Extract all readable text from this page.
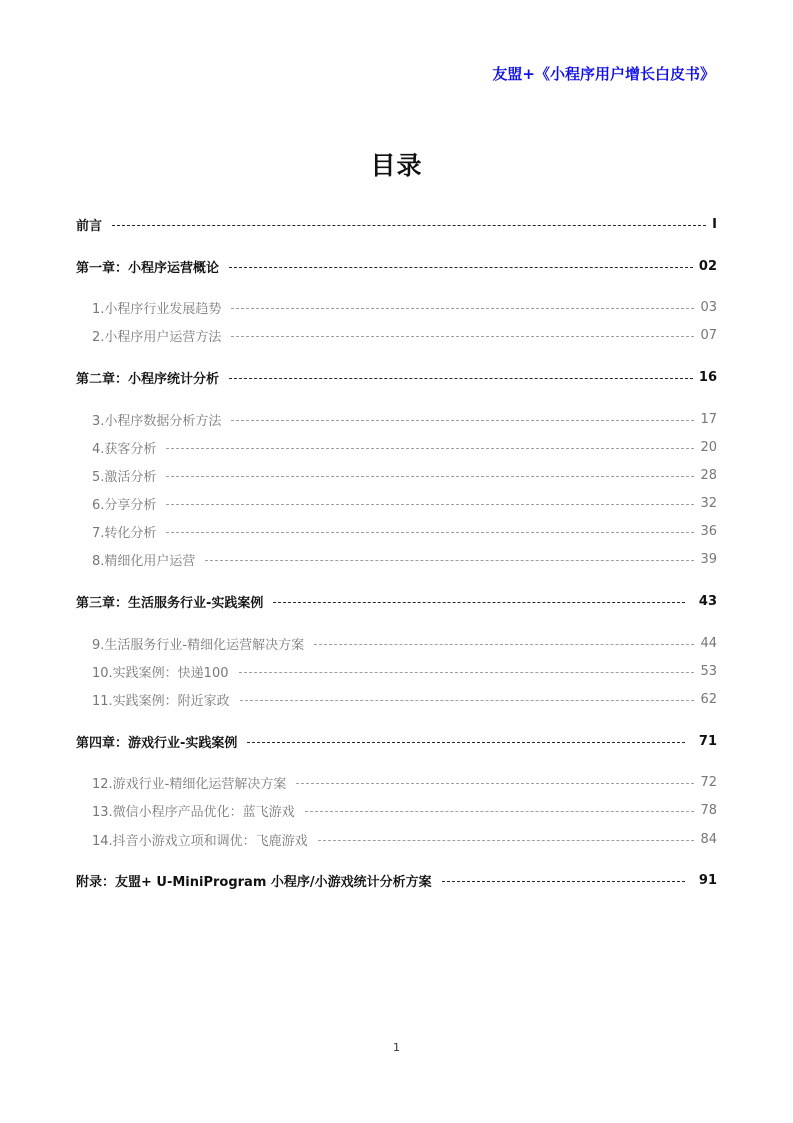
友盟+《小程序用户增长白皮书》
目录
前言	I
第一章：小程序运营概论	02
1.小程序行业发展趋势	03
2.小程序用户运营方法	07
第二章：小程序统计分析	16
3.小程序数据分析方法	17
4.获客分析	20
5.激活分析	28
6.分享分析	32
7.转化分析	36
8.精细化用户运营	39
第三章：生活服务行业-实践案例	43
9.生活服务行业-精细化运营解决方案	44
10.实践案例：快递100	53
11.实践案例：附近家政	62
第四章：游戏行业-实践案例	71
12.游戏行业-精细化运营解决方案	72
13.微信小程序产品优化：蓝飞游戏	78
14.抖音小游戏立项和调优：飞鹿游戏	84
附录：友盟+ U-MiniProgram 小程序/小游戏统计分析方案	91
1
